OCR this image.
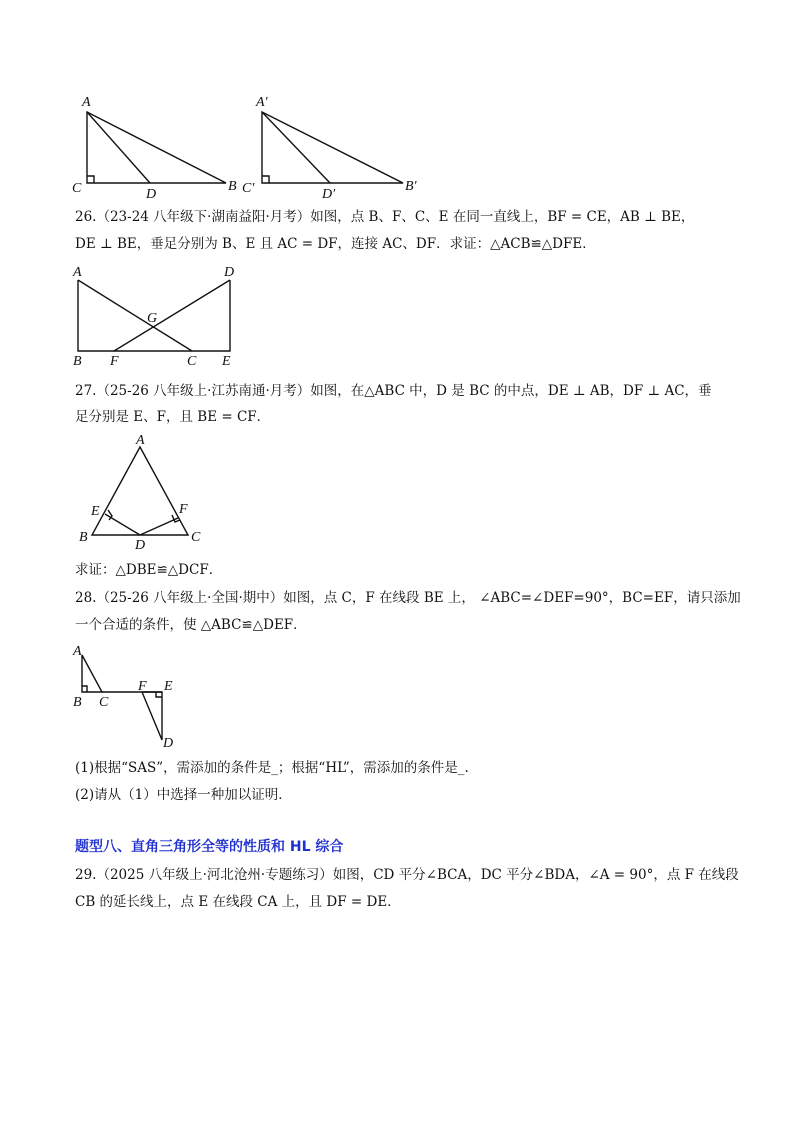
A
C	D
B
A′
C′	D′
B′
26.（23-24 八年级下·湖南益阳·月考）如图，点 B、F、C、E 在同一直线上，BF = CE，AB ⊥ BE，
DE ⊥ BE，垂足分别为 B、E 且 AC = DF，连接 AC、DF．求证：△ACB≌△DFE．
A	D
G
B F	C E
27.（25-26 八年级上·江苏南通·月考）如图，在△ABC 中，D 是 BC 的中点，DE ⊥ AB，DF ⊥ AC，垂
足分别是 E、F，且 BE = CF．
A
E	F
B
D
C
求证：△DBE≌△DCF．
28.（25-26 八年级上·全国·期中）如图，点 C，F 在线段 BE 上， ∠ABC=∠DEF=90°，BC=EF，请只添加
一个合适的条件，使 △ABC≌△DEF．
A
B C
F E
D
(1)根据“SAS”，需添加的条件是_；根据“HL”，需添加的条件是_.
(2)请从（1）中选择一种加以证明．
题型八、直角三角形全等的性质和 HL 综合
29.（2025 八年级上·河北沧州·专题练习）如图，CD 平分∠BCA，DC 平分∠BDA，∠A = 90°，点 F 在线段
CB 的延长线上，点 E 在线段 CA 上，且 DF = DE．
